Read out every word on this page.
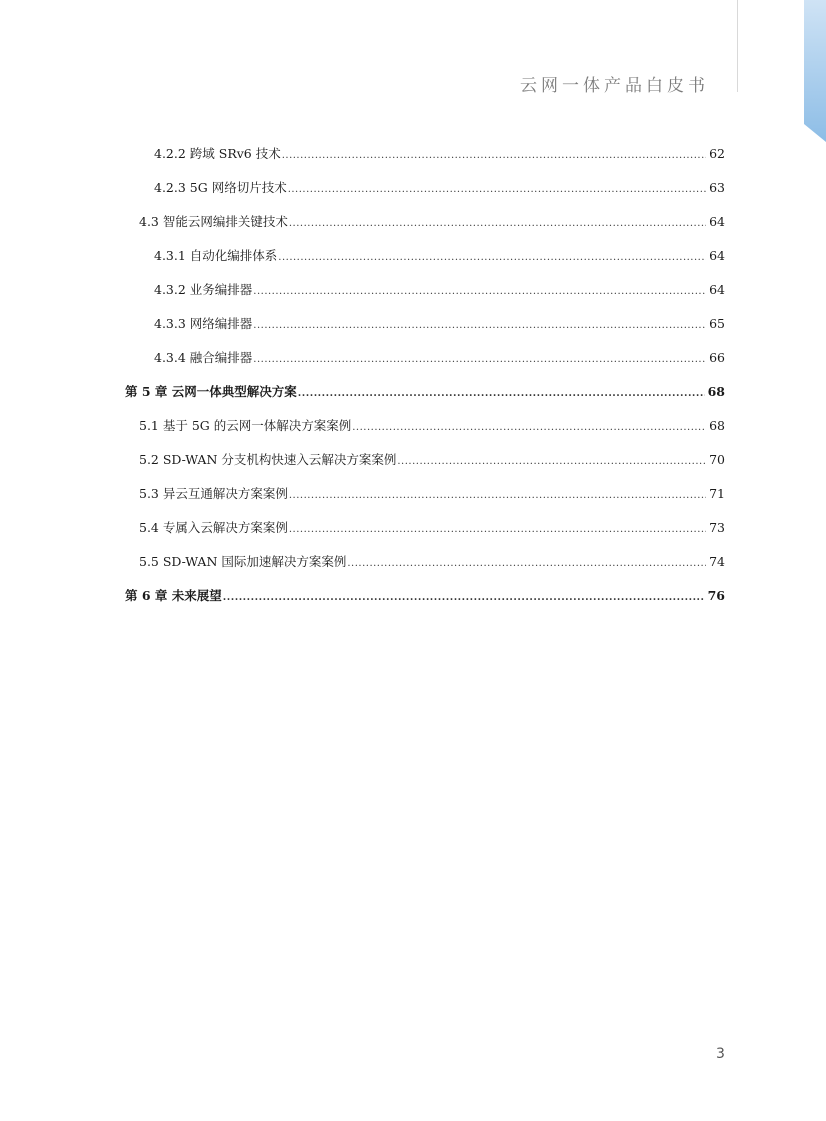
云网一体产品白皮书
4.2.2 跨域 SRv6 技术 .....	62
4.2.3 5G 网络切片技术 .....	63
4.3 智能云网编排关键技术 .....	64
4.3.1 自动化编排体系 .....	64
4.3.2 业务编排器 .....	64
4.3.3 网络编排器 .....	65
4.3.4 融合编排器 .....	66
第 5 章 云网一体典型解决方案 .....	68
5.1 基于 5G 的云网一体解决方案案例 .....	68
5.2 SD-WAN 分支机构快速入云解决方案案例 .....	70
5.3 异云互通解决方案案例 .....	71
5.4 专属入云解决方案案例 .....	73
5.5 SD-WAN 国际加速解决方案案例 .....	74
第 6 章 未来展望 .....	76
3
